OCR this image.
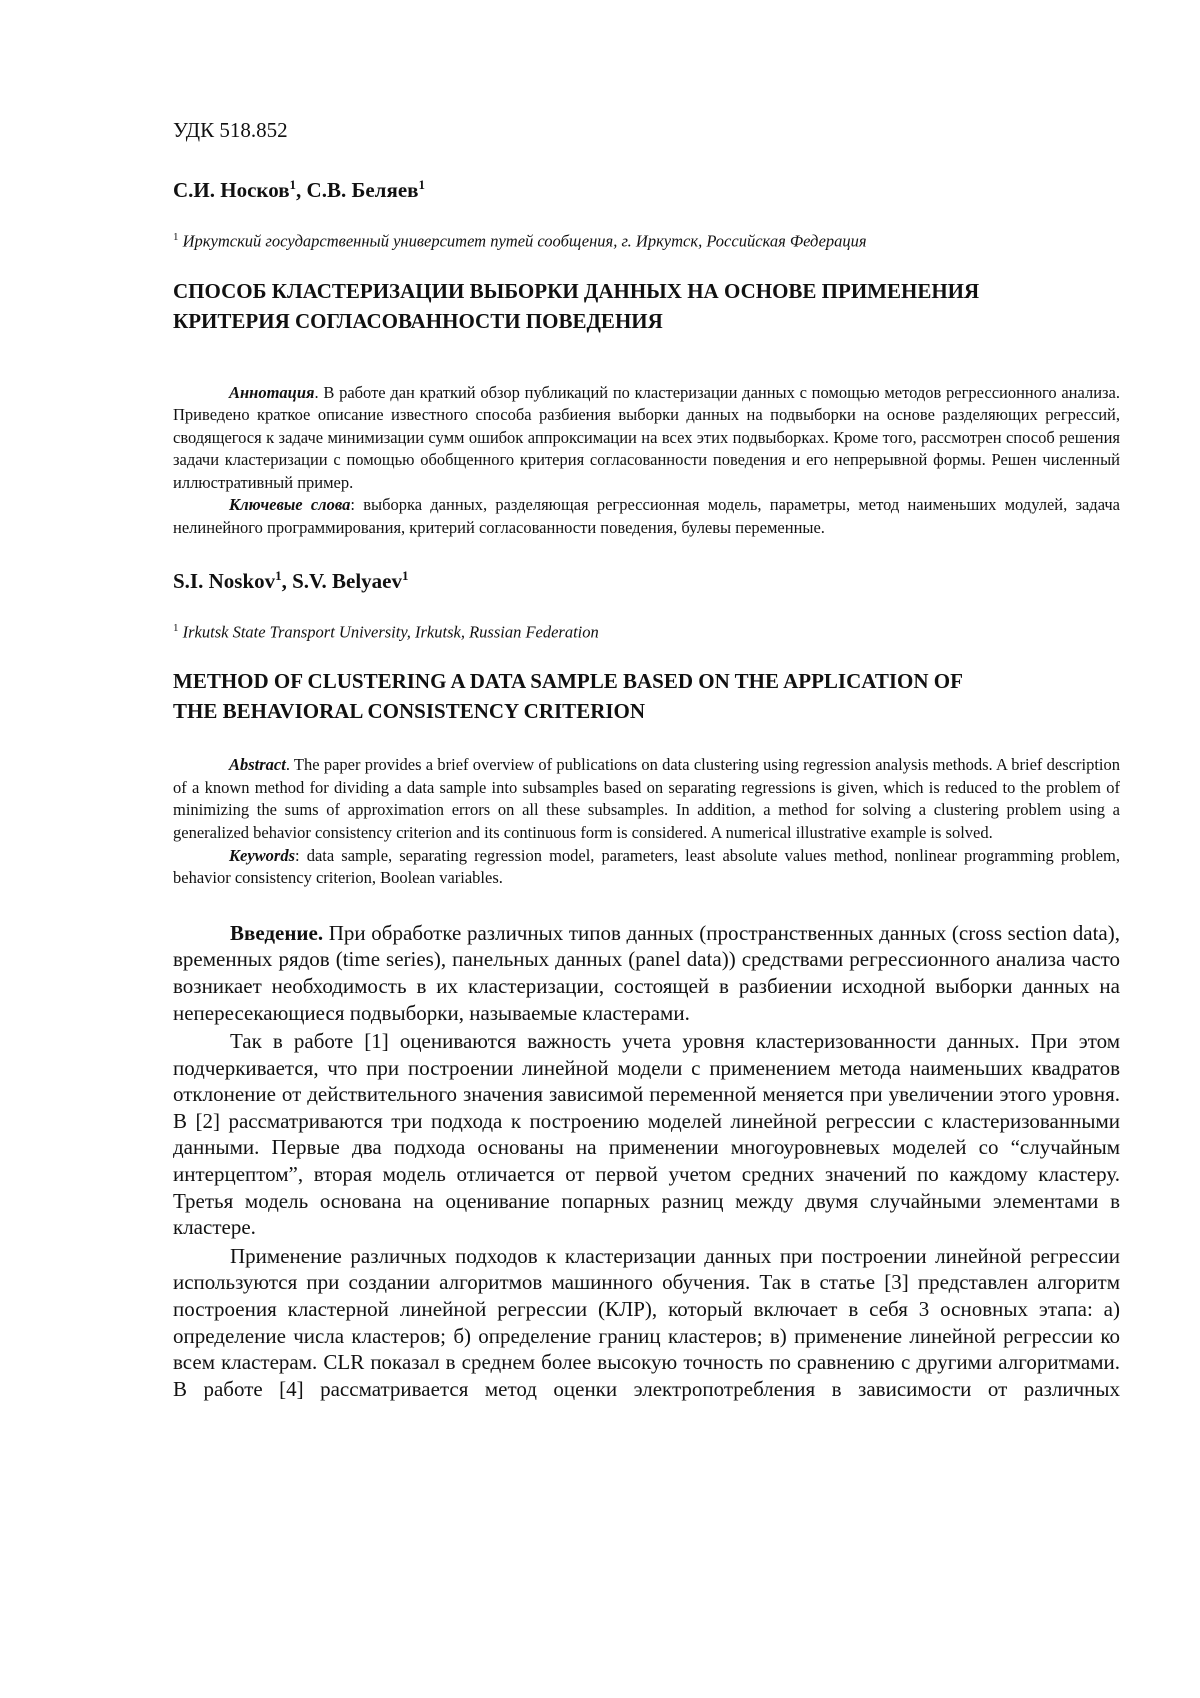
УДК 518.852
С.И. Носков$^1$, С.В. Беляев$^1$
$^1$ Иркутский государственный университет путей сообщения, г. Иркутск, Российская Федерация
СПОСОБ КЛАСТЕРИЗАЦИИ ВЫБОРКИ ДАННЫХ НА ОСНОВЕ ПРИМЕНЕНИЯ
КРИТЕРИЯ СОГЛАСОВАННОСТИ ПОВЕДЕНИЯ

Аннотация. В работе дан краткий обзор публикаций по кластеризации данных с помощью методов регрессионного анализа. Приведено краткое описание известного способа разбиения выборки данных на подвыборки на основе разделяющих регрессий, сводящегося к задаче минимизации сумм ошибок аппроксимации на всех этих подвыборках. Кроме того, рассмотрен способ решения задачи кластеризации с помощью обобщенного критерия согласованности поведения и его непрерывной формы. Решен численный иллюстративный пример.

Ключевые слова: выборка данных, разделяющая регрессионная модель, параметры, метод наименьших модулей, задача нелинейного программирования, критерий согласованности поведения, булевы переменные.

S.I. Noskov$^1$, S.V. Belyaev$^1$
$^1$ Irkutsk State Transport University, Irkutsk, Russian Federation
METHOD OF CLUSTERING A DATA SAMPLE BASED ON THE APPLICATION OF
THE BEHAVIORAL CONSISTENCY CRITERION

Abstract. The paper provides a brief overview of publications on data clustering using regression analysis methods. A brief description of a known method for dividing a data sample into subsamples based on separating regressions is given, which is reduced to the problem of minimizing the sums of approximation errors on all these subsamples. In addition, a method for solving a clustering problem using a generalized behavior consistency criterion and its continuous form is considered. A numerical illustrative example is solved.

Keywords: data sample, separating regression model, parameters, least absolute values method, nonlinear programming problem, behavior consistency criterion, Boolean variables.

Введение. При обработке различных типов данных (пространственных данных (cross section data), временных рядов (time series), панельных данных (panel data)) средствами регрессионного анализа часто возникает необходимость в их кластеризации, состоящей в разбиении исходной выборки данных на непересекающиеся подвыборки, называемые кластерами.

Так в работе [1] оцениваются важность учета уровня кластеризованности данных. При этом подчеркивается, что при построении линейной модели с применением метода наименьших квадратов отклонение от действительного значения зависимой переменной меняется при увеличении этого уровня. В [2] рассматриваются три подхода к построению моделей линейной регрессии с кластеризованными данными. Первые два подхода основаны на применении многоуровневых моделей со “случайным интерцептом”, вторая модель отличается от первой учетом средних значений по каждому кластеру. Третья модель основана на оценивание попарных разниц между двумя случайными элементами в кластере.

Применение различных подходов к кластеризации данных при построении линейной регрессии используются при создании алгоритмов машинного обучения. Так в статье [3] представлен алгоритм построения кластерной линейной регрессии (КЛР), который включает в себя 3 основных этапа: а) определение числа кластеров; б) определение границ кластеров; в) применение линейной регрессии ко всем кластерам. CLR показал в среднем более высокую точность по сравнению с другими алгоритмами. В работе [4] рассматривается метод оценки электропотребления в зависимости от различных
